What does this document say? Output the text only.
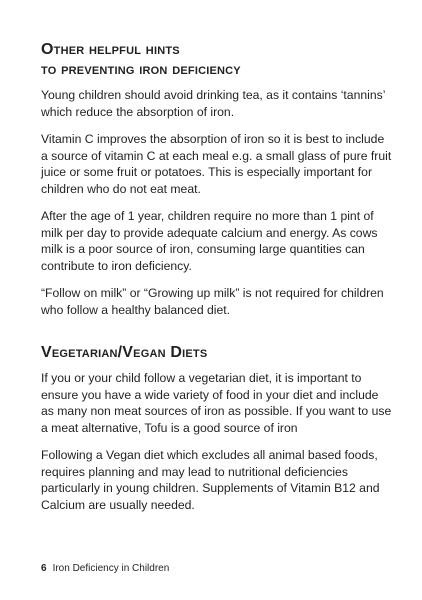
Other helpful hints
to preventing iron deficiency

Young children should avoid drinking tea, as it contains ‘tannins’ which reduce the absorption of iron.

Vitamin C improves the absorption of iron so it is best to include a source of vitamin C at each meal e.g. a small glass of pure fruit juice or some fruit or potatoes. This is especially important for children who do not eat meat.

After the age of 1 year, children require no more than 1 pint of milk per day to provide adequate calcium and energy. As cows milk is a poor source of iron, consuming large quantities can contribute to iron deficiency.

“Follow on milk” or “Growing up milk” is not required for children who follow a healthy balanced diet.

Vegetarian/Vegan Diets

If you or your child follow a vegetarian diet, it is important to ensure you have a wide variety of food in your diet and include as many non meat sources of iron as possible. If you want to use a meat alternative, Tofu is a good source of iron

Following a Vegan diet which excludes all animal based foods, requires planning and may lead to nutritional deficiencies particularly in young children. Supplements of Vitamin B12 and Calcium are usually needed.

6 Iron Deficiency in Children
